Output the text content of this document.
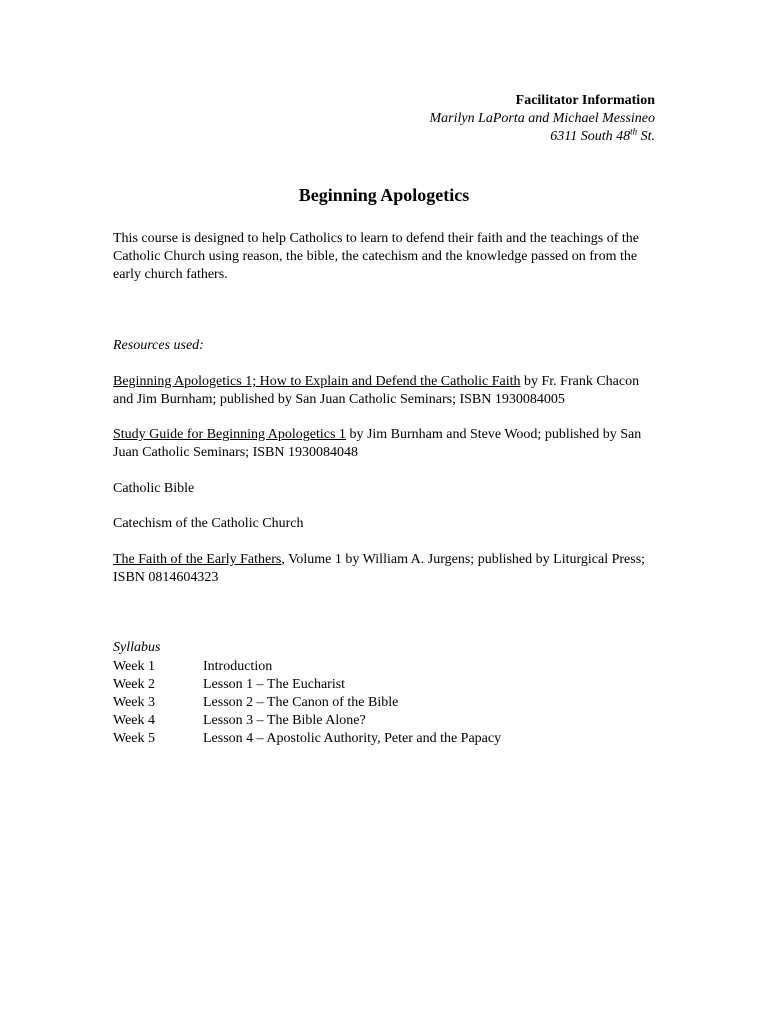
Facilitator Information
Marilyn LaPorta and Michael Messineo
6311 South 48th St.
Beginning Apologetics
This course is designed to help Catholics to learn to defend their faith and the teachings of the Catholic Church using reason, the bible, the catechism and the knowledge passed on from the early church fathers.
Resources used:
Beginning Apologetics 1; How to Explain and Defend the Catholic Faith by Fr. Frank Chacon and Jim Burnham; published by San Juan Catholic Seminars; ISBN 1930084005
Study Guide for Beginning Apologetics 1 by Jim Burnham and Steve Wood; published by San Juan Catholic Seminars; ISBN 1930084048
Catholic Bible
Catechism of the Catholic Church
The Faith of the Early Fathers, Volume 1 by William A. Jurgens; published by Liturgical Press; ISBN 0814604323
Syllabus
Week 1	Introduction
Week 2	Lesson 1 – The Eucharist
Week 3	Lesson 2 – The Canon of the Bible
Week 4	Lesson 3 – The Bible Alone?
Week 5	Lesson 4 – Apostolic Authority, Peter and the Papacy
